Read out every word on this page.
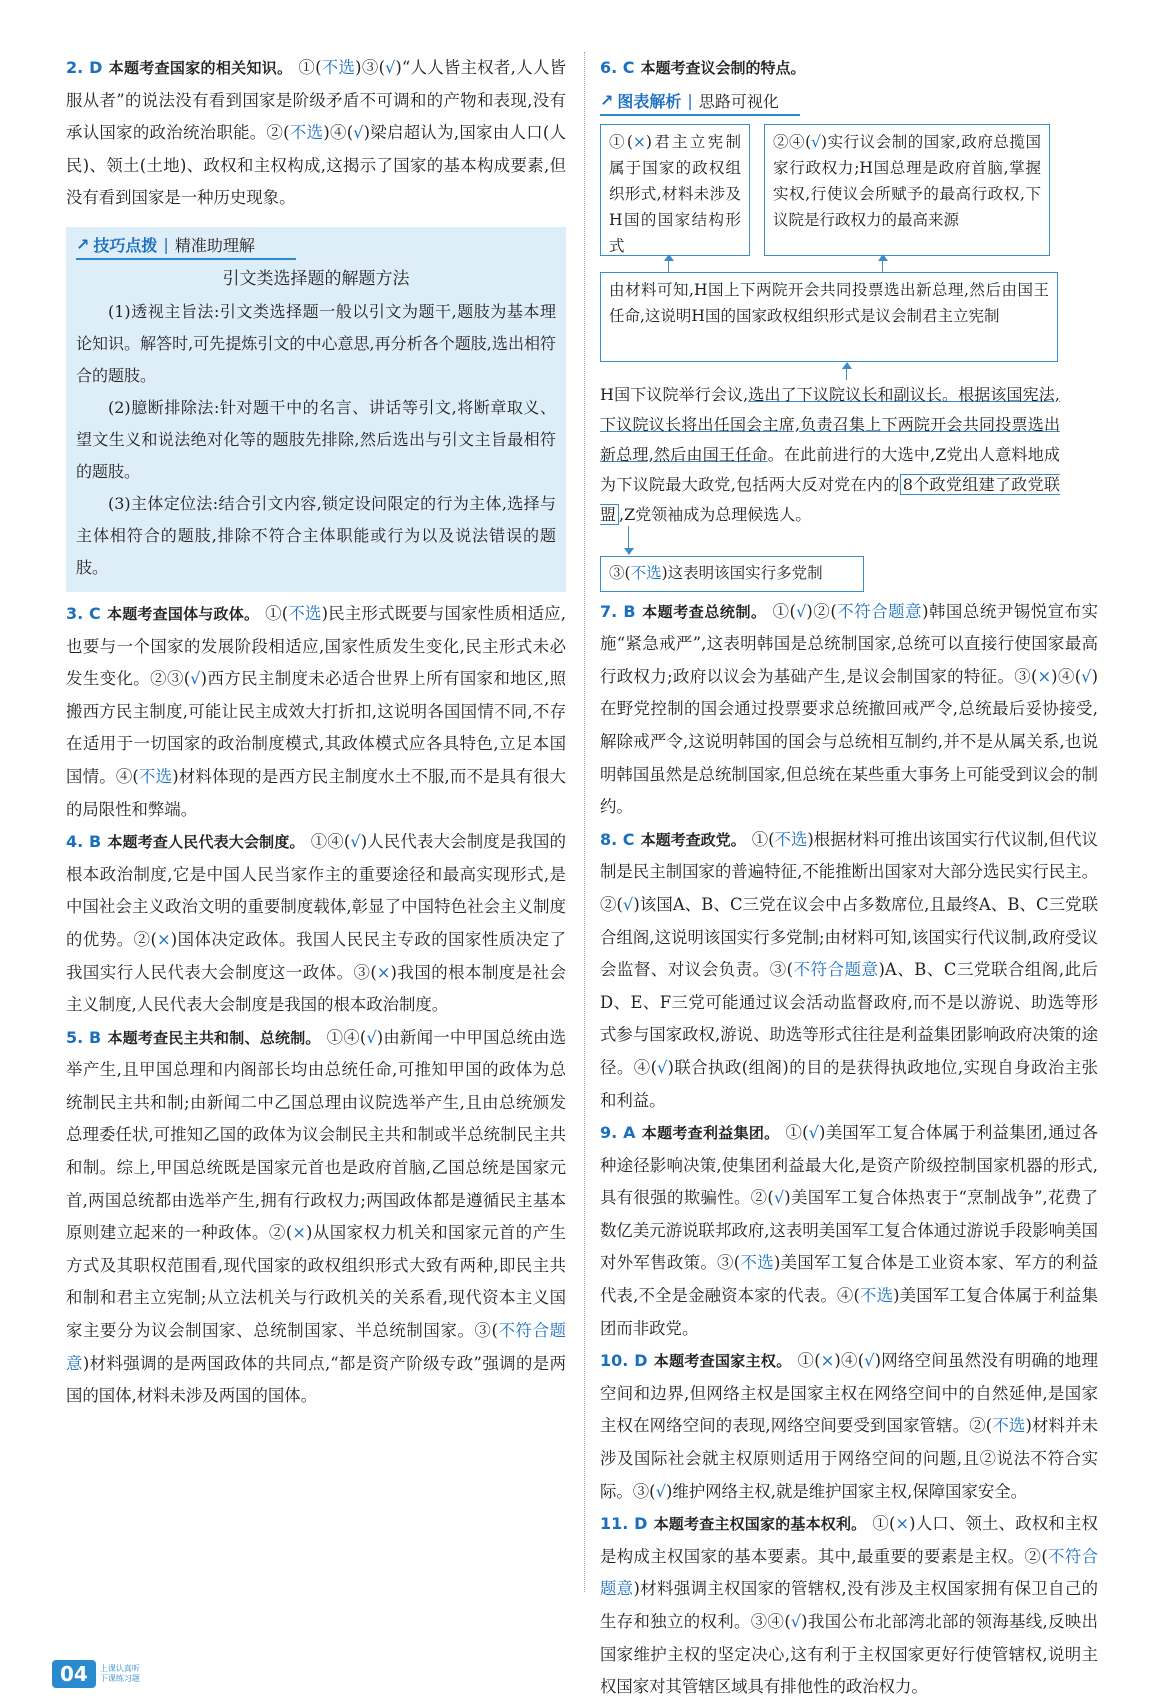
2. D 本题考查国家的相关知识。 ①(不选)③(√)“人人皆主权者,人人皆服从者”的说法没有看到国家是阶级矛盾不可调和的产物和表现,没有承认国家的政治统治职能。②(不选)④(√)梁启超认为,国家由人口(人民)、领土(土地)、政权和主权构成,这揭示了国家的基本构成要素,但没有看到国家是一种历史现象。

↗ 技巧点拨 | 精准助理解
引文类选择题的解题方法

(1)透视主旨法:引文类选择题一般以引文为题干,题肢为基本理论知识。解答时,可先提炼引文的中心意思,再分析各个题肢,选出相符合的题肢。

(2)臆断排除法:针对题干中的名言、讲话等引文,将断章取义、望文生义和说法绝对化等的题肢先排除,然后选出与引文主旨最相符的题肢。

(3)主体定位法:结合引文内容,锁定设问限定的行为主体,选择与主体相符合的题肢,排除不符合主体职能或行为以及说法错误的题肢。

3. C 本题考查国体与政体。 ①(不选)民主形式既要与国家性质相适应,也要与一个国家的发展阶段相适应,国家性质发生变化,民主形式未必发生变化。②③(√)西方民主制度未必适合世界上所有国家和地区,照搬西方民主制度,可能让民主成效大打折扣,这说明各国国情不同,不存在适用于一切国家的政治制度模式,其政体模式应各具特色,立足本国国情。④(不选)材料体现的是西方民主制度水土不服,而不是具有很大的局限性和弊端。

4. B 本题考查人民代表大会制度。 ①④(√)人民代表大会制度是我国的根本政治制度,它是中国人民当家作主的重要途径和最高实现形式,是中国社会主义政治文明的重要制度载体,彰显了中国特色社会主义制度的优势。②(×)国体决定政体。我国人民民主专政的国家性质决定了我国实行人民代表大会制度这一政体。③(×)我国的根本制度是社会主义制度,人民代表大会制度是我国的根本政治制度。

5. B 本题考查民主共和制、总统制。 ①④(√)由新闻一中甲国总统由选举产生,且甲国总理和内阁部长均由总统任命,可推知甲国的政体为总统制民主共和制;由新闻二中乙国总理由议院选举产生,且由总统颁发总理委任状,可推知乙国的政体为议会制民主共和制或半总统制民主共和制。综上,甲国总统既是国家元首也是政府首脑,乙国总统是国家元首,两国总统都由选举产生,拥有行政权力;两国政体都是遵循民主基本原则建立起来的一种政体。②(×)从国家权力机关和国家元首的产生方式及其职权范围看,现代国家的政权组织形式大致有两种,即民主共和制和君主立宪制;从立法机关与行政机关的关系看,现代资本主义国家主要分为议会制国家、总统制国家、半总统制国家。③(不符合题意)材料强调的是两国政体的共同点,“都是资产阶级专政”强调的是两国的国体,材料未涉及两国的国体。

6. C 本题考查议会制的特点。

↗ 图表解析 | 思路可视化
①(×)君主立宪制属于国家的政权组织形式,材料未涉及H国的国家结构形式
②④(√)实行议会制的国家,政府总揽国家行政权力;H国总理是政府首脑,掌握实权,行使议会所赋予的最高行政权,下议院是行政权力的最高来源
由材料可知,H国上下两院开会共同投票选出新总理,然后由国王任命,这说明H国的国家政权组织形式是议会制君主立宪制

H国下议院举行会议,选出了下议院议长和副议长。根据该国宪法,下议院议长将出任国会主席,负责召集上下两院开会共同投票选出新总理,然后由国王任命。在此前进行的大选中,Z党出人意料地成为下议院最大政党,包括两大反对党在内的 8个政党组建了政党联盟 ,Z党领袖成为总理候选人。

③(不选)这表明该国实行多党制

7. B 本题考查总统制。 ①(√)②(不符合题意)韩国总统尹锡悦宣布实施“紧急戒严”,这表明韩国是总统制国家,总统可以直接行使国家最高行政权力;政府以议会为基础产生,是议会制国家的特征。③(×)④(√)在野党控制的国会通过投票要求总统撤回戒严令,总统最后妥协接受,解除戒严令,这说明韩国的国会与总统相互制约,并不是从属关系,也说明韩国虽然是总统制国家,但总统在某些重大事务上可能受到议会的制约。

8. C 本题考查政党。 ①(不选)根据材料可推出该国实行代议制,但代议制是民主制国家的普遍特征,不能推断出国家对大部分选民实行民主。②(√)该国A、B、C三党在议会中占多数席位,且最终A、B、C三党联合组阁,这说明该国实行多党制;由材料可知,该国实行代议制,政府受议会监督、对议会负责。③(不符合题意)A、B、C三党联合组阁,此后D、E、F三党可能通过议会活动监督政府,而不是以游说、助选等形式参与国家政权,游说、助选等形式往往是利益集团影响政府决策的途径。④(√)联合执政(组阁)的目的是获得执政地位,实现自身政治主张和利益。

9. A 本题考查利益集团。 ①(√)美国军工复合体属于利益集团,通过各种途径影响决策,使集团利益最大化,是资产阶级控制国家机器的形式,具有很强的欺骗性。②(√)美国军工复合体热衷于“烹制战争”,花费了数亿美元游说联邦政府,这表明美国军工复合体通过游说手段影响美国对外军售政策。③(不选)美国军工复合体是工业资本家、军方的利益代表,不全是金融资本家的代表。④(不选)美国军工复合体属于利益集团而非政党。

10. D 本题考查国家主权。 ①(×)④(√)网络空间虽然没有明确的地理空间和边界,但网络主权是国家主权在网络空间中的自然延伸,是国家主权在网络空间的表现,网络空间要受到国家管辖。②(不选)材料并未涉及国际社会就主权原则适用于网络空间的问题,且②说法不符合实际。③(√)维护网络主权,就是维护国家主权,保障国家安全。

11. D 本题考查主权国家的基本权利。 ①(×)人口、领土、政权和主权是构成主权国家的基本要素。其中,最重要的要素是主权。②(不符合题意)材料强调主权国家的管辖权,没有涉及主权国家拥有保卫自己的生存和独立的权利。③④(√)我国公布北部湾北部的领海基线,反映出国家维护主权的坚定决心,这有利于主权国家更好行使管辖权,说明主权国家对其管辖区域具有排他性的政治权力。

04	上课认真听
下课练习题
